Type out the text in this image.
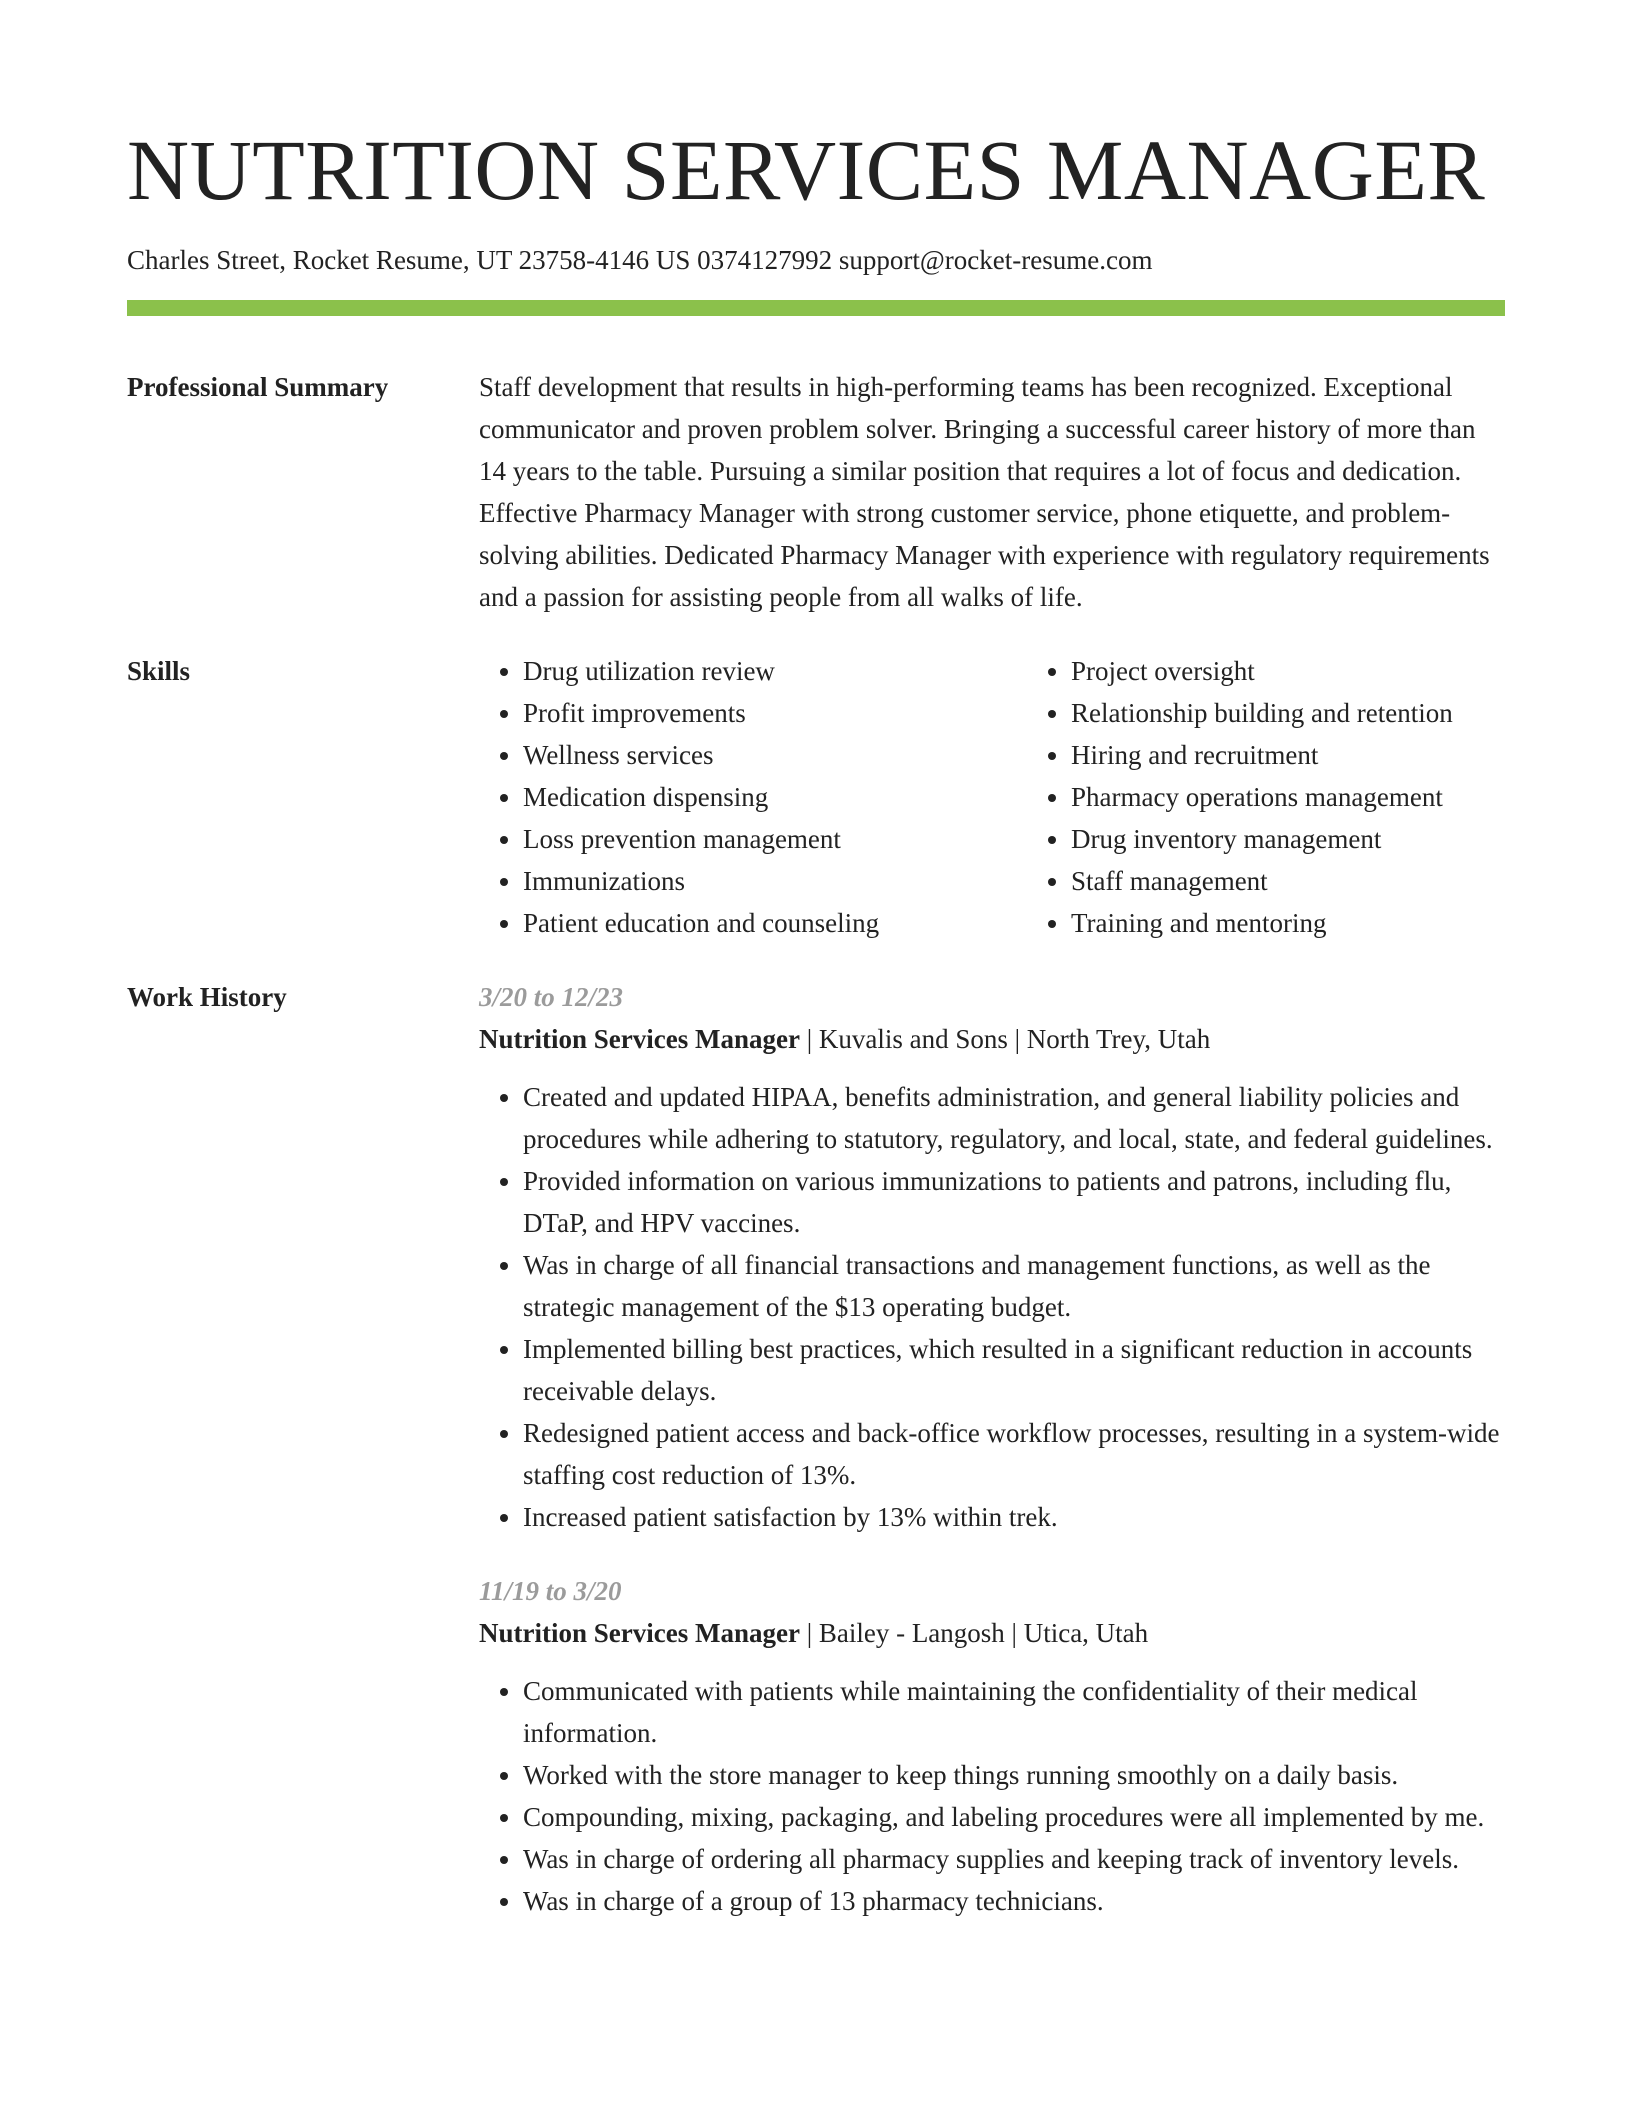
NUTRITION SERVICES MANAGER
Charles Street, Rocket Resume, UT 23758-4146 US 0374127992 support@rocket-resume.com
Professional Summary	Staff development that results in high-performing teams has been recognized. Exceptional communicator and proven problem solver. Bringing a successful career history of more than 14 years to the table. Pursuing a similar position that requires a lot of focus and dedication. Effective Pharmacy Manager with strong customer service, phone etiquette, and problem-solving abilities. Dedicated Pharmacy Manager with experience with regulatory requirements and a passion for assisting people from all walks of life.

Skills
•	Drug utilization review
• Profit improvements
• Wellness services
• Medication dispensing
• Loss prevention management
• Immunizations
• Patient education and counseling
• Project oversight
• Relationship building and retention
• Hiring and recruitment
• Pharmacy operations management
• Drug inventory management
• Staff management
• Training and mentoring
Work History	3/20 to 12/23
Nutrition Services Manager | Kuvalis and Sons | North Trey, Utah
• Created and updated HIPAA, benefits administration, and general liability policies and procedures while adhering to statutory, regulatory, and local, state, and federal guidelines.
• Provided information on various immunizations to patients and patrons, including flu, DTaP, and HPV vaccines.
• Was in charge of all financial transactions and management functions, as well as the strategic management of the $13 operating budget.
• Implemented billing best practices, which resulted in a significant reduction in accounts receivable delays.
• Redesigned patient access and back-office workflow processes, resulting in a system-wide staffing cost reduction of 13%.
• Increased patient satisfaction by 13% within trek.
11/19 to 3/20
Nutrition Services Manager | Bailey - Langosh | Utica, Utah
• Communicated with patients while maintaining the confidentiality of their medical information.
• Worked with the store manager to keep things running smoothly on a daily basis.
• Compounding, mixing, packaging, and labeling procedures were all implemented by me.
• Was in charge of ordering all pharmacy supplies and keeping track of inventory levels.
• Was in charge of a group of 13 pharmacy technicians.
